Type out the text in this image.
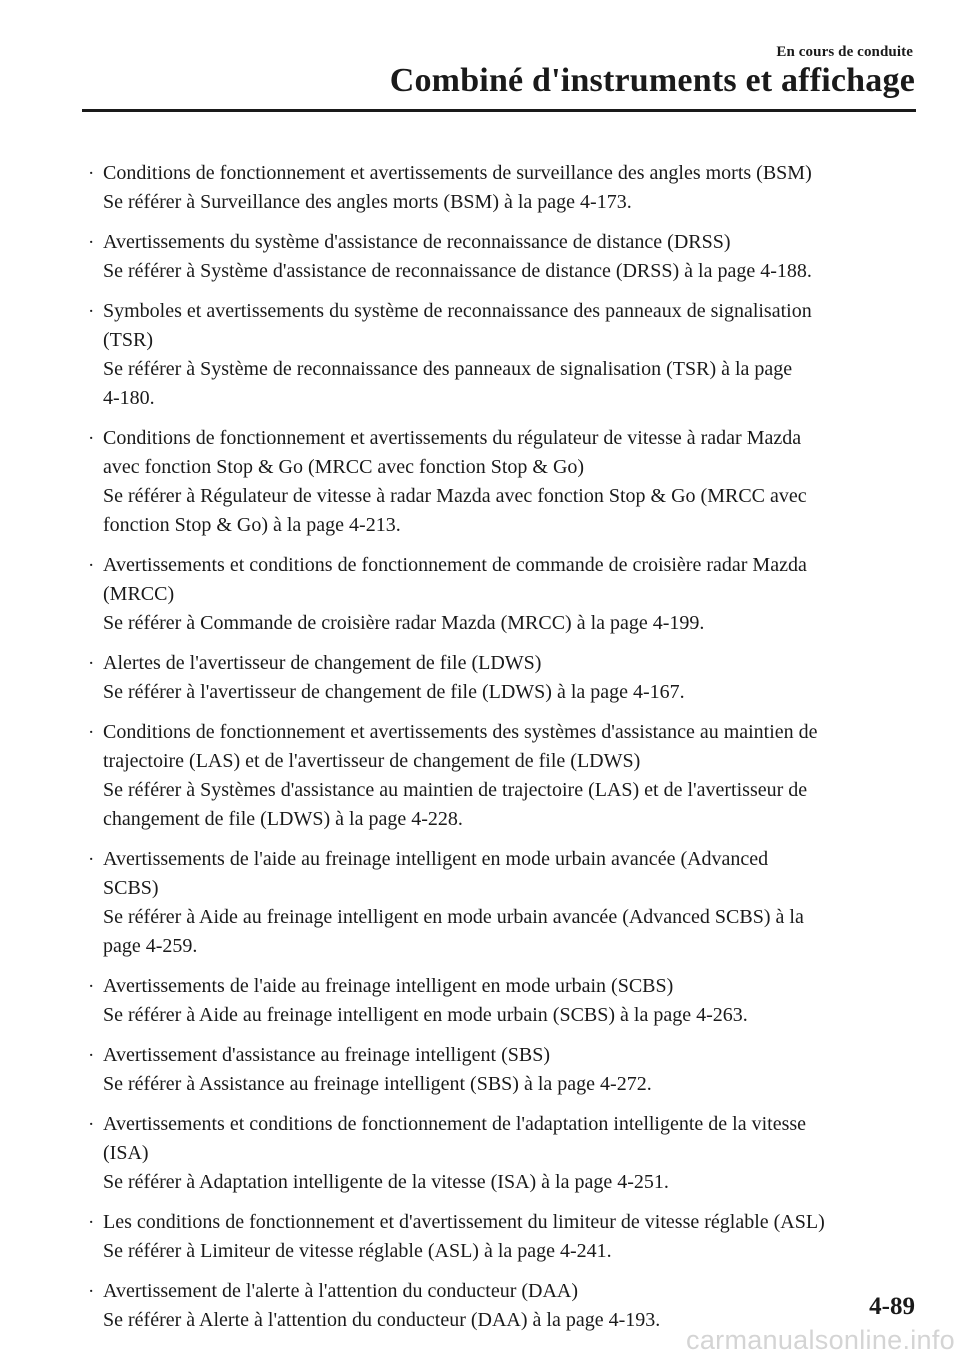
En cours de conduite
Combiné d'instruments et affichage
· Conditions de fonctionnement et avertissements de surveillance des angles morts (BSM)
Se référer à Surveillance des angles morts (BSM) à la page 4-173.
· Avertissements du système d'assistance de reconnaissance de distance (DRSS)
Se référer à Système d'assistance de reconnaissance de distance (DRSS) à la page 4-188.
· Symboles et avertissements du système de reconnaissance des panneaux de signalisation
(TSR)
Se référer à Système de reconnaissance des panneaux de signalisation (TSR) à la page
4-180.
· Conditions de fonctionnement et avertissements du régulateur de vitesse à radar Mazda
avec fonction Stop & Go (MRCC avec fonction Stop & Go)
Se référer à Régulateur de vitesse à radar Mazda avec fonction Stop & Go (MRCC avec
fonction Stop & Go) à la page 4-213.
· Avertissements et conditions de fonctionnement de commande de croisière radar Mazda
(MRCC)
Se référer à Commande de croisière radar Mazda (MRCC) à la page 4-199.
· Alertes de l'avertisseur de changement de file (LDWS)
Se référer à l'avertisseur de changement de file (LDWS) à la page 4-167.
· Conditions de fonctionnement et avertissements des systèmes d'assistance au maintien de
trajectoire (LAS) et de l'avertisseur de changement de file (LDWS)
Se référer à Systèmes d'assistance au maintien de trajectoire (LAS) et de l'avertisseur de
changement de file (LDWS) à la page 4-228.
· Avertissements de l'aide au freinage intelligent en mode urbain avancée (Advanced
SCBS)
Se référer à Aide au freinage intelligent en mode urbain avancée (Advanced SCBS) à la
page 4-259.
· Avertissements de l'aide au freinage intelligent en mode urbain (SCBS)
Se référer à Aide au freinage intelligent en mode urbain (SCBS) à la page 4-263.
· Avertissement d'assistance au freinage intelligent (SBS)
Se référer à Assistance au freinage intelligent (SBS) à la page 4-272.
· Avertissements et conditions de fonctionnement de l'adaptation intelligente de la vitesse
(ISA)
Se référer à Adaptation intelligente de la vitesse (ISA) à la page 4-251.
· Les conditions de fonctionnement et d'avertissement du limiteur de vitesse réglable (ASL)
Se référer à Limiteur de vitesse réglable (ASL) à la page 4-241.
· Avertissement de l'alerte à l'attention du conducteur (DAA)
Se référer à Alerte à l'attention du conducteur (DAA) à la page 4-193.	4-89
carmanualsonline.info
